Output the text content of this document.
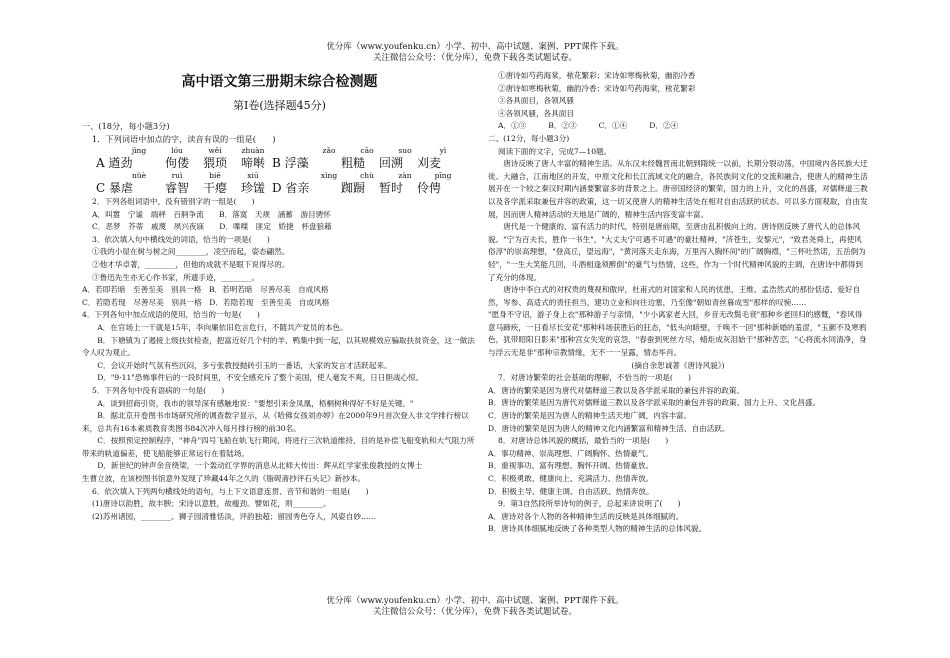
优分库（www.youfenku.cn）小学、初中、高中试题、案例、PPT课件下载。
关注微信公众号：（优分库），免费下载各类试题试卷。
高中语文第三册期末综合检测题
第Ⅰ卷(选择题45分)

一、(18分，每小题3分)

1．下列词语中加点的字，读音有误的一组是(　　)

jìng	lóu	wěi	zhuàn	zǎo	cāo	suo	yì
A 遒劲	佝偻	猥琐	啼啭 B 浮藻	粗糙	回溯	刈麦
nüè	ruì	biē	xiū	xìng	chù	zàn	pīng
C 暴虐	睿智	干瘪	珍馐 D 省亲	踟蹰	暂时	伶俜

2．下列各组词语中，没有错别字的一组是(　　)

A．叫嚣　宁谧　端秤　百舸争流　　B．落寞　天规　涵蓄　游目骋怀

C．恶梦　芥蒂　戚蔑　夙兴夜寐　　D．喋喋　匪定　娇捷　杯盘狼藉

3．依次填入句中横线处的词语，恰当的一项是(　　)

①我的小屋在树与树之间________，凌空而起，姿态翩然。

②他才华卓著，________，但他的成就不是眼下说得尽的。

③鲁迅先生亦无心作书家，所遗手迹，________。

A．若即若暗　至善至美　别具一格　B．若明若暗　尽善尽美　自成风格

C．若隐若现　尽善尽美　别具一格　D．若隐若现　至善至美　自成风格

4．下列各句中加点成语的使用，恰当的一句是(　　)

A．在官场上一干就是15年，李向廉依旧危言危行，不随共产党员的本色。

B．下塘镇为了遏接上级扶贫检查，把富近好几个村的羊、鸭集中到一起，以其规模效应骗取扶贫资金，这一做法令人叹为观止。

C．会议开始时气氛有些沉闷，多亏张教授抛砖引玉的一番话，大家的发言才活跃起来。

D．"9·11"恐怖事件后的一段时间里，不安全感充斥了整个美国，使人毫发不爽，日日胆战心惊。

5．下列各句中没有语病的一句是(　　)

A．谈到招商引资，我市的领导深有感触地说："要想引来金凤凰，梧桐树种得好不好是关键。"

B．据北京开卷图书市场研究所的调查数字显示，从《哈佛女孩刘亦婷》在2000年9月首次登入非文学排行榜以来，总共有16本素质教育类图书84次冲入每月排行榜的前30名。

C．按照预定控制程序，"神舟"四号飞船在轨飞行期间，将进行三次轨道维持，目的是补偿飞船变轨和大气阻力所带来的轨道偏差，使飞船能够正常运行在着陆场。

D．新世纪的钟声余音绕梁，一个轰动红学界的消息从北师大传出：辉从红学家张俊教授的女博士

生曹立波，在该校图书馆意外发现了珍藏44年之久的《脂砚斋抄评石头记》新抄本。

6．依次填入下列两句横线处的语句，与上下文语意连贯、音节和谐的一组是(　　)

(1)唐诗以韵胜，故丰腴；宋诗以意胜，故瘦劲。譬如花，则________。

(2)苏州诸园，________。狮子园清雅恬淡，评韵独超；留园秀色夺人，风姿自妙……

①唐诗如芍药海棠，秾花繁彩；宋诗如寒梅秋菊，幽韵冷香

②唐诗如寒梅秋菊，幽韵冷香；宋诗如芍药海棠，秾花繁彩

③各具面目，各领风骚

④各领风骚，各具面目

A．①③	B．②③	C．①④	D．②④

二、(12分，每小题3分)

阅读下面的文字，完成7—10题。

唐诗反映了唐人丰富的精神生活。从东汉末经魏晋南北朝到隋统一以前，长期分裂动荡，中国境内各民族大迁徙、大融合，江南地区的开发，中原文化和长江流域文化的融合，各民族间文化的交流和融合，使唐人的精神生活展开在一个较之秦汉时期内涵要繁富多的背景之上。唐帝国经济的繁荣，国力的上升，文化的昌盛，对儒释道三教以及各学派采取兼包并容的政策，这一切又使唐人的精神生活处在相对自由活跃的状态。可以多方面观取，自由发展，因而唐人精神活动的天地是广阔的，精神生活内容变富丰富。

唐代是一个健康的、富有活力的时代，特别是唐前期，至唐由乱积极向上的。唐诗则反映了唐代人的总体风貌。"宁为百夫长，胜作一书生"，"大丈夫宁可遇不可遇"的豪壮精神，"济苍生，安黎元"，"致君尧舜上，再使风俗淳"的崇高理想，"登高丘，望远海"，"黄河落天走东海，万里泻入胸怀间"的广阔胸襟，"三杯吐然诺，五岳倒为轻"，"一生大笑能几回，斗酒相逢须醉倒"的豪气与热情，这些，作为一个时代精神风貌的主调，在唐诗中都得到了充分的体现。

唐诗中李白式的对权贵的蔑视和傲岸，杜甫式的对国家和人民的忧患，王维、孟浩然式的那份恬适、爱好自然，岑参、高适式的责任担当，建功立业和向往边塞，乃至像"朝如青丝暮成雪"那样的叹惋……

"愿身不守诏，游子身上衣"那种游子与亲情，"少小离家老大回，乡音无改鬓毛衰"那种乡老回归的感慨，"春风得意马蹄疾，一日看尽长安花"那种科场获胜后的狂态，"低头向暗壁，千唤不一回"那种新婚的羞涩，"玉颜不及寒鸦色，犹带昭阳日影来"那种宫女失宠的哀怨，"春蚕到死丝方尽，蜡炬成灰泪始干"那种苦恋，"心将流水同清净，身与浮云无是非"那种宗教情缘，无不一一呈露，情态毕肖。

(摘自余恕诚著《唐诗风貌》)

7．对唐诗繁荣的社会基础的理解，不恰当的一项是(　　)

A．唐诗的繁荣是因为唐代对儒释道三教以及各学派采取的兼包并容的政策。

B．唐诗的繁荣是因为唐代对儒释道三教以及各学派采取的兼包并容的政策、国力上升、文化昌盛。

C．唐诗的繁荣是因为唐人的精神生活天地广阔，内容丰富。

D．唐诗的繁荣是因为唐人的精神文化内涵繁富和精神生活、自由活跃。

8．对唐诗总体风貌的概括，最恰当的一项是(　　)

A．事功精神、崇高理想、广阔胸怀、热情豪气。

B．重视事功、富有理想、胸怀开阔、热情豪放。

C．积极勇敢、健康向上、充满活力、热情奔放。

D．积极主导、健康主调、自由活跃、热情奔放。

9．第3自然段所举诗句的例子，总起来讲说明了(　　)

A．唐诗对各个人物的各种精神生活的反映是具体细腻的。

B．唐诗具体细腻地反映了各种类型人物的精神生活的总体风貌。

优分库（www.youfenku.cn）小学、初中、高中试题、案例、PPT课件下载。
关注微信公众号：（优分库），免费下载各类试题试卷。
